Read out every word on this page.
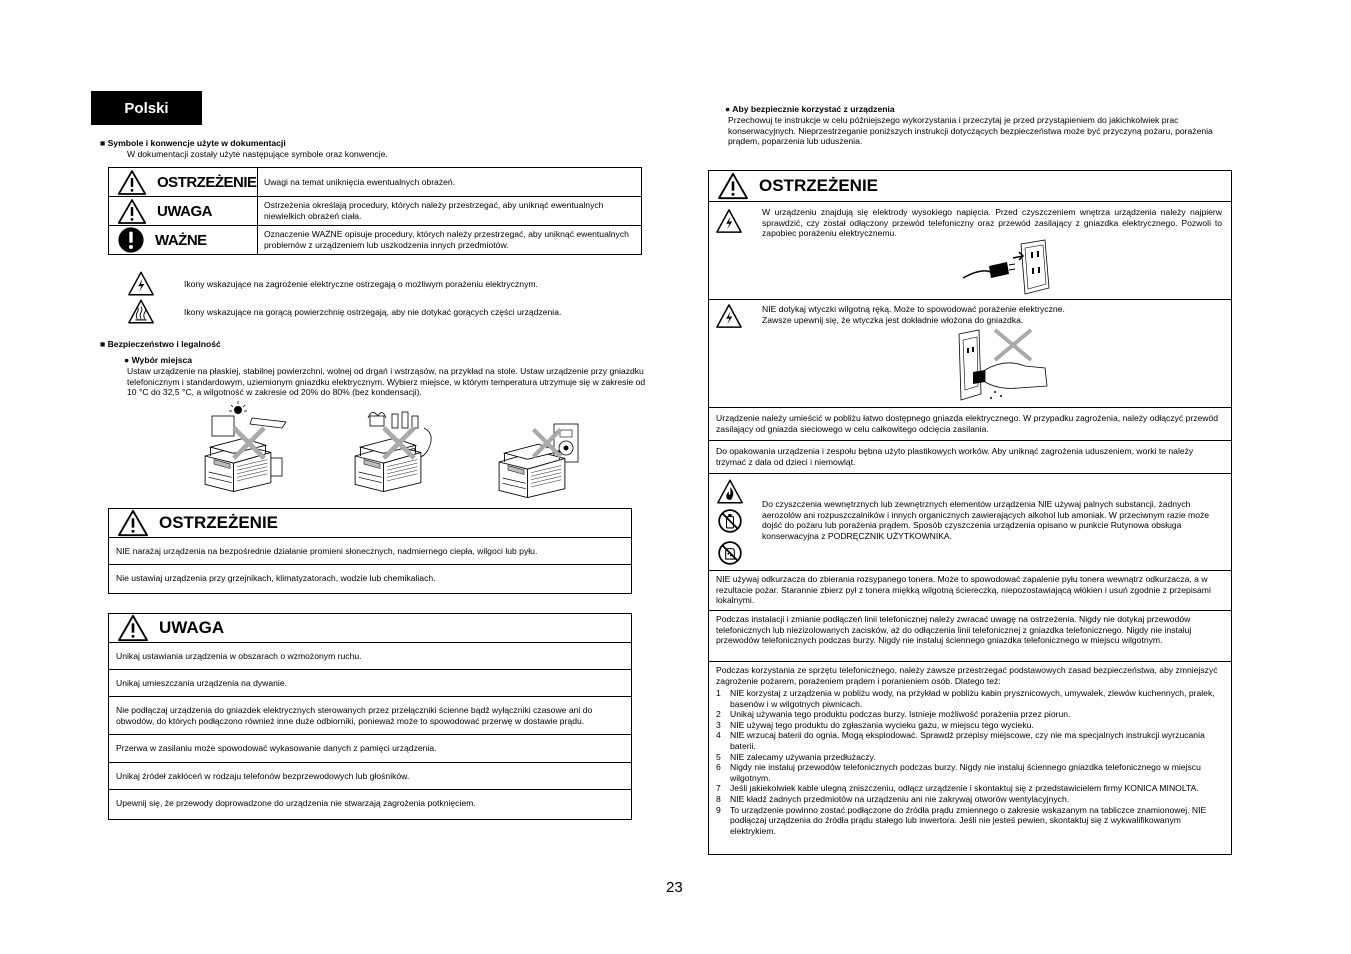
Polski
■ Symbole i konwencje użyte w dokumentacji
W dokumentacji zostały użyte następujące symbole oraz konwencje.
OSTRZEŻENIE	Uwagi na temat uniknięcia ewentualnych obrażeń.

UWAGA	Ostrzeżenia określają procedury, których należy przestrzegać, aby uniknąć ewentualnych niewielkich obrażeń ciała.

WAŻNE	Oznaczenie WAŻNE opisuje procedury, których należy przestrzegać, aby uniknąć ewentualnych problemów z urządzeniem lub uszkodzenia innych przedmiotów.
Ikony wskazujące na zagrożenie elektryczne ostrzegają o możliwym porażeniu elektrycznym.
Ikony wskazujące na gorącą powierzchnię ostrzegają, aby nie dotykać gorących części urządzenia.
■ Bezpieczeństwo i legalność
● Wybór miejsca
Ustaw urządzenie na płaskiej, stabilnej powierzchni, wolnej od drgań i wstrząsów, na przykład na stole. Ustaw urządzenie przy gniazdku telefonicznym i standardowym, uziemionym gniazdku elektrycznym. Wybierz miejsce, w którym temperatura utrzymuje się w zakresie od 10 °C do 32,5 °C, a wilgotność w zakresie od 20% do 80% (bez kondensacji).
OSTRZEŻENIE
NIE narażaj urządzenia na bezpośrednie działanie promieni słonecznych, nadmiernego ciepła, wilgoci lub pyłu.
Nie ustawiaj urządzenia przy grzejnikach, klimatyzatorach, wodzie lub chemikaliach.
UWAGA
Unikaj ustawiania urządzenia w obszarach o wzmożonym ruchu.
Unikaj umieszczania urządzenia na dywanie.
Nie podłączaj urządzenia do gniazdek elektrycznych sterowanych przez przełączniki ścienne bądź wyłączniki czasowe ani do obwodów, do których podłączono również inne duże odbiorniki, ponieważ może to spowodować przerwę w dostawie prądu.
Przerwa w zasilaniu może spowodować wykasowanie danych z pamięci urządzenia.
Unikaj źródeł zakłóceń w rodzaju telefonów bezprzewodowych lub głośników.
Upewnij się, że przewody doprowadzone do urządzenia nie stwarzają zagrożenia potknięciem.
● Aby bezpiecznie korzystać z urządzenia
Przechowuj te instrukcje w celu późniejszego wykorzystania i przeczytaj je przed przystąpieniem do jakichkolwiek prac konserwacyjnych. Nieprzestrzeganie poniższych instrukcji dotyczących bezpieczeństwa może być przyczyną pożaru, porażenia prądem, poparzenia lub uduszenia.
OSTRZEŻENIE
W urządzeniu znajdują się elektrody wysokiego napięcia. Przed czyszczeniem wnętrza urządzenia należy najpierw sprawdzić, czy został odłączony przewód telefoniczny oraz przewód zasilający z gniazdka elektrycznego. Pozwoli to zapobiec porażeniu elektrycznemu.
NIE dotykaj wtyczki wilgotną ręką. Może to spowodować porażenie elektryczne.
Zawsze upewnij się, że wtyczka jest dokładnie włożona do gniazdka.
Urządzenie należy umieścić w pobliżu łatwo dostępnego gniazda elektrycznego. W przypadku zagrożenia, należy odłączyć przewód zasilający od gniazda sieciowego w celu całkowitego odcięcia zasilania.
Do opakowania urządzenia i zespołu bębna użyto plastikowych worków. Aby uniknąć zagrożenia uduszeniem, worki te należy trzymać z dala od dzieci i niemowląt.
Do czyszczenia wewnętrznych lub zewnętrznych elementów urządzenia NIE używaj palnych substancji, żadnych aerozolów ani rozpuszczalników i innych organicznych zawierających alkohol lub amoniak. W przeciwnym razie może dojść do pożaru lub porażenia prądem. Sposób czyszczenia urządzenia opisano w punkcie Rutynowa obsługa konserwacyjna z PODRĘCZNIK UŻYTKOWNIKA.
NIE używaj odkurzacza do zbierania rozsypanego tonera. Może to spowodować zapalenie pyłu tonera wewnątrz odkurzacza, a w rezultacie pożar. Starannie zbierz pył z tonera miękką wilgotną ściereczką, niepozostawiającą włókien i usuń zgodnie z przepisami lokalnymi.
Podczas instalacji i zmianie podłączeń linii telefonicznej należy zwracać uwagę na ostrzeżenia. Nigdy nie dotykaj przewodów telefonicznych lub niezizolowanych zacisków, aż do odłączenia linii telefonicznej z gniazdka telefonicznego. Nigdy nie instaluj przewodów telefonicznych podczas burzy. Nigdy nie instaluj ściennego gniazdka telefonicznego w miejscu wilgotnym.
Podczas korzystania ze sprzętu telefonicznego, należy zawsze przestrzegać podstawowych zasad bezpieczeństwa, aby zmniejszyć zagrożenie pożarem, porażeniem prądem i poranieniem osób. Dlatego też:
1	NIE korzystaj z urządzenia w pobliżu wody, na przykład w pobliżu kabin prysznicowych, umywalek, zlewów kuchennych, pralek, basenów i w wilgotnych piwnicach.
2	Unikaj używania tego produktu podczas burzy. Istnieje możliwość porażenia przez piorun.
3	NIE używaj tego produktu do zgłaszania wycieku gazu, w miejscu tego wycieku.
4	NIE wrzucaj baterii do ognia. Mogą eksplodować. Sprawdź przepisy miejscowe, czy nie ma specjalnych instrukcji wyrzucania baterii.
5	NIE zalecamy używania przedłużaczy.
6	Nigdy nie instaluj przewodów telefonicznych podczas burzy. Nigdy nie instaluj ściennego gniazdka telefonicznego w miejscu wilgotnym.
7	Jeśli jakiekolwiek kable ulegną zniszczeniu, odłącz urządzenie i skontaktuj się z przedstawicielem firmy KONICA MINOLTA.
8	NIE kładź żadnych przedmiotów na urządzeniu ani nie zakrywaj otworów wentylacyjnych.
9	To urządzenie powinno zostać podłączone do źródła prądu zmiennego o zakresie wskazanym na tabliczce znamionowej. NIE podłączaj urządzenia do źródła prądu stałego lub inwertora. Jeśli nie jesteś pewien, skontaktuj się z wykwalifikowanym elektrykiem.
23
